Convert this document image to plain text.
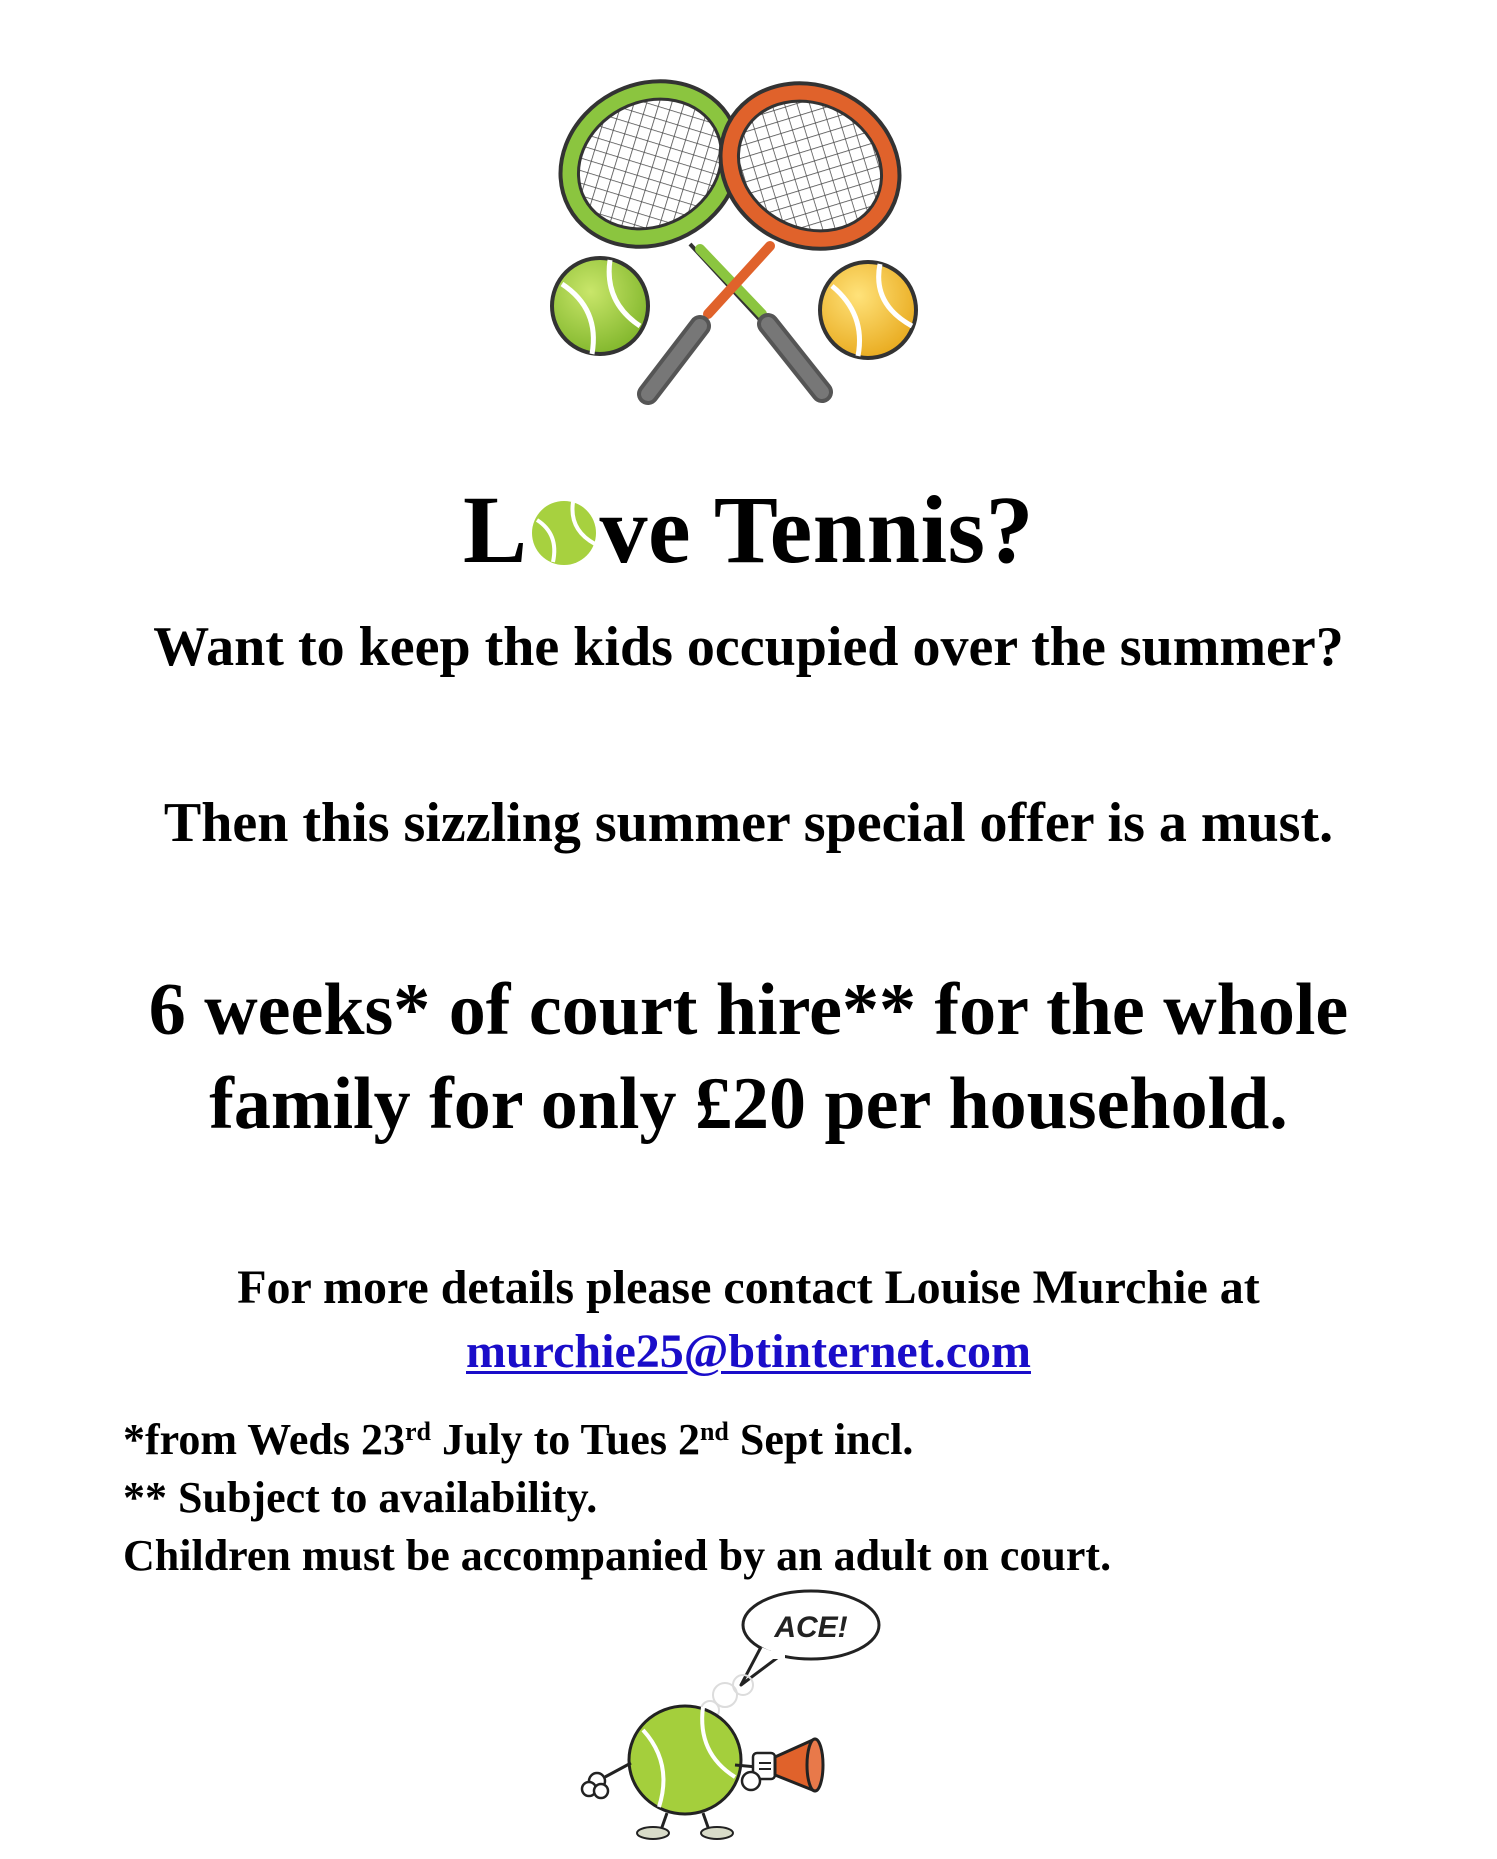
L ve Tennis?
Want to keep the kids occupied over the summer?
Then this sizzling summer special offer is a must.
6 weeks* of court hire** for the whole family for only £20 per household.
For more details please contact Louise Murchie at
murchie25@btinternet.com
*from Weds 23rd July to Tues 2nd Sept incl.
** Subject to availability.
Children must be accompanied by an adult on court.
ACE!
